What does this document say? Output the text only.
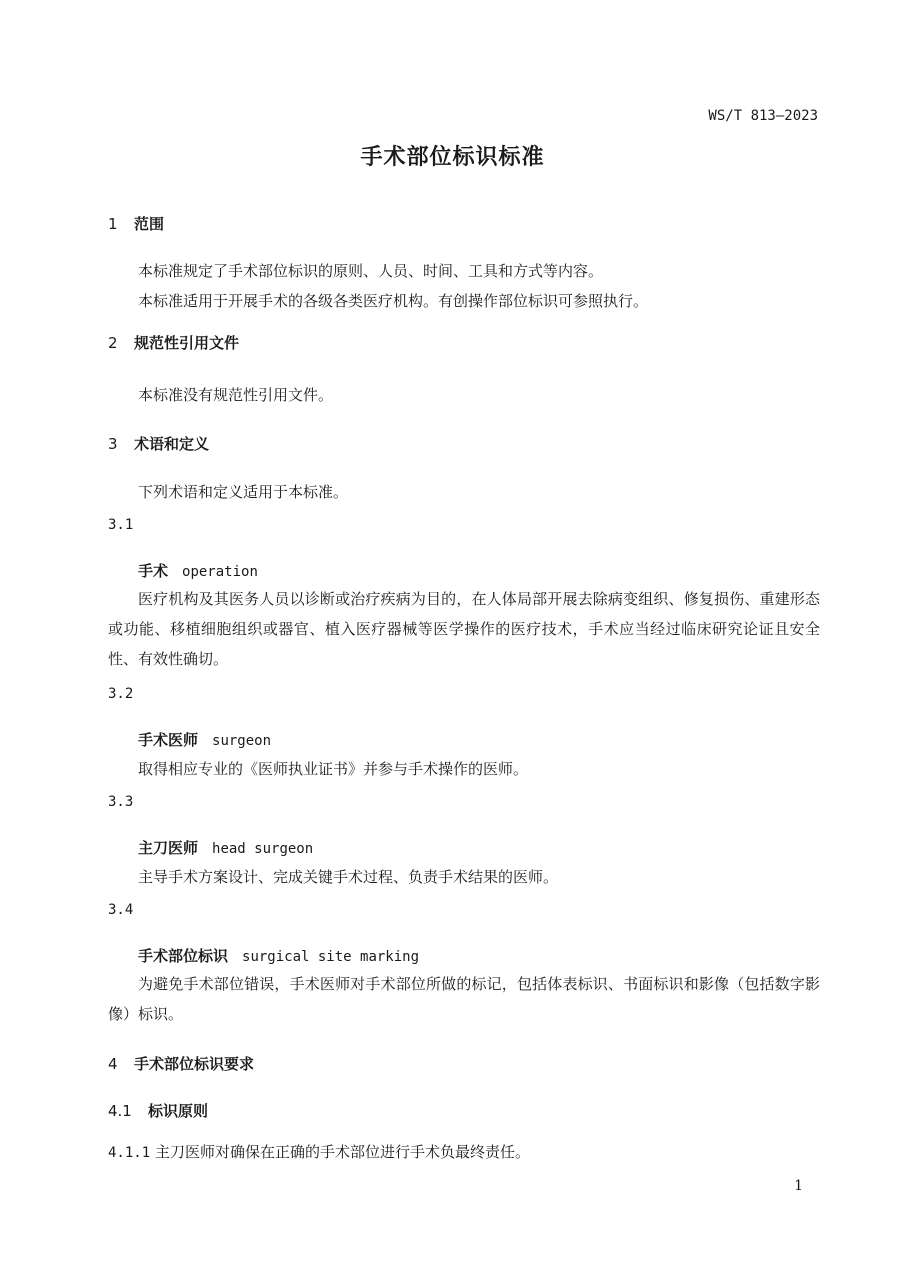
WS/T 813—2023
手术部位标识标准
1 范围

本标准规定了手术部位标识的原则、人员、时间、工具和方式等内容。

本标准适用于开展手术的各级各类医疗机构。有创操作部位标识可参照执行。

2 规范性引用文件

本标准没有规范性引用文件。

3 术语和定义
下列术语和定义适用于本标准。
3.1
手术 operation
医疗机构及其医务人员以诊断或治疗疾病为目的，在人体局部开展去除病变组织、修复损伤、重建形态或功能、移植细胞组织或器官、植入医疗器械等医学操作的医疗技术，手术应当经过临床研究论证且安全性、有效性确切。
3.2
手术医师 surgeon
取得相应专业的《医师执业证书》并参与手术操作的医师。
3.3
主刀医师 head surgeon
主导手术方案设计、完成关键手术过程、负责手术结果的医师。
3.4
手术部位标识 surgical site marking
为避免手术部位错误，手术医师对手术部位所做的标记，包括体表标识、书面标识和影像（包括数字影像）标识。
4 手术部位标识要求
4.1 标识原则
4.1.1 主刀医师对确保在正确的手术部位进行手术负最终责任。
1
